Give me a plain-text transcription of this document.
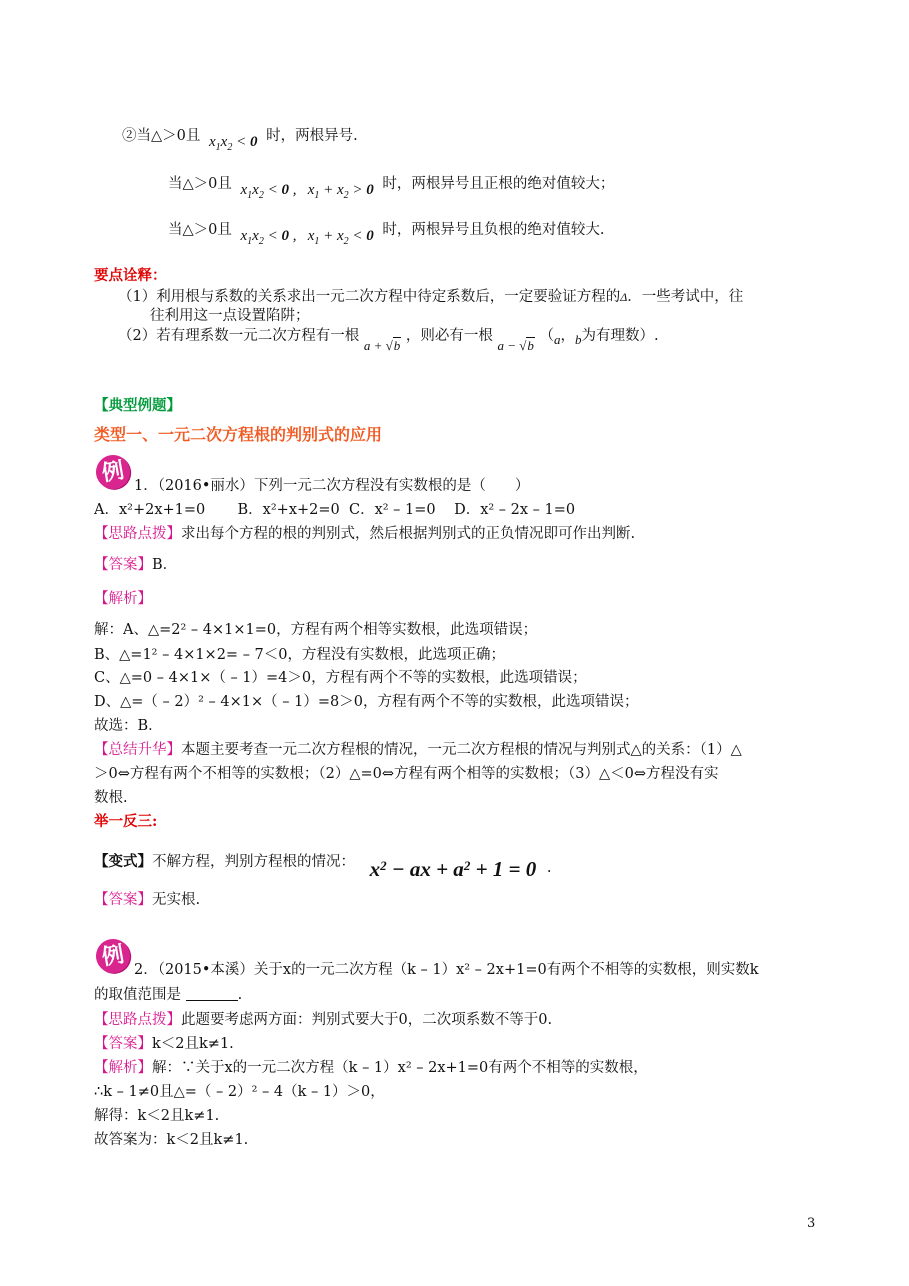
②当△＞0且 $x_1x_2 < 0$ 时，两根异号.
当△＞0且 $x_1x_2 < 0$ ,   $x_1 + x_2 > 0$ 时，两根异号且正根的绝对值较大；
当△＞0且 $x_1x_2 < 0$ ,   $x_1 + x_2 < 0$ 时，两根异号且负根的绝对值较大.
要点诠释：
（1）利用根与系数的关系求出一元二次方程中待定系数后，一定要验证方程的Δ．一些考试中，往
往利用这一点设置陷阱；
（2）若有理系数一元二次方程有一根 a + √b ，则必有一根 a − √b （a，b为有理数）.
【典型例题】
类型一、一元二次方程根的判别式的应用
例 1．（2016•丽水）下列一元二次方程没有实数根的是（　　）
A．x²+2x+1=0 B．x²+x+2=0 C．x² – 1=0 D．x² – 2x – 1=0
【思路点拨】求出每个方程的根的判别式，然后根据判别式的正负情况即可作出判断.
【答案】B．
【解析】
解：A、△=2² – 4×1×1=0，方程有两个相等实数根，此选项错误；
B、△=1² – 4×1×2= – 7＜0，方程没有实数根，此选项正确；
C、△=0 – 4×1×（ – 1）=4＞0，方程有两个不等的实数根，此选项错误；
D、△=（ – 2）² – 4×1×（ – 1）=8＞0，方程有两个不等的实数根，此选项错误；
故选：B．
【总结升华】本题主要考查一元二次方程根的情况，一元二次方程根的情况与判别式△的关系：（1）△
＞0⇔方程有两个不相等的实数根；（2）△=0⇔方程有两个相等的实数根；（3）△＜0⇔方程没有实
数根.
举一反三:
【变式】不解方程，判别方程根的情况： $x^2$ − ax + $a^2 + 1 = 0$ .
【答案】无实根.
例 2．（2015•本溪）关于x的一元二次方程（k – 1）x² – 2x+1=0有两个不相等的实数根，则实数k
的取值范围是	.
【思路点拨】此题要考虑两方面：判别式要大于0，二次项系数不等于0.
【答案】k＜2且k≠1.
【解析】解：∵关于x的一元二次方程（k – 1）x² – 2x+1=0有两个不相等的实数根，
∴k – 1≠0且△=（ – 2）² – 4（k – 1）＞0，
解得：k＜2且k≠1.
故答案为：k＜2且k≠1.
3
